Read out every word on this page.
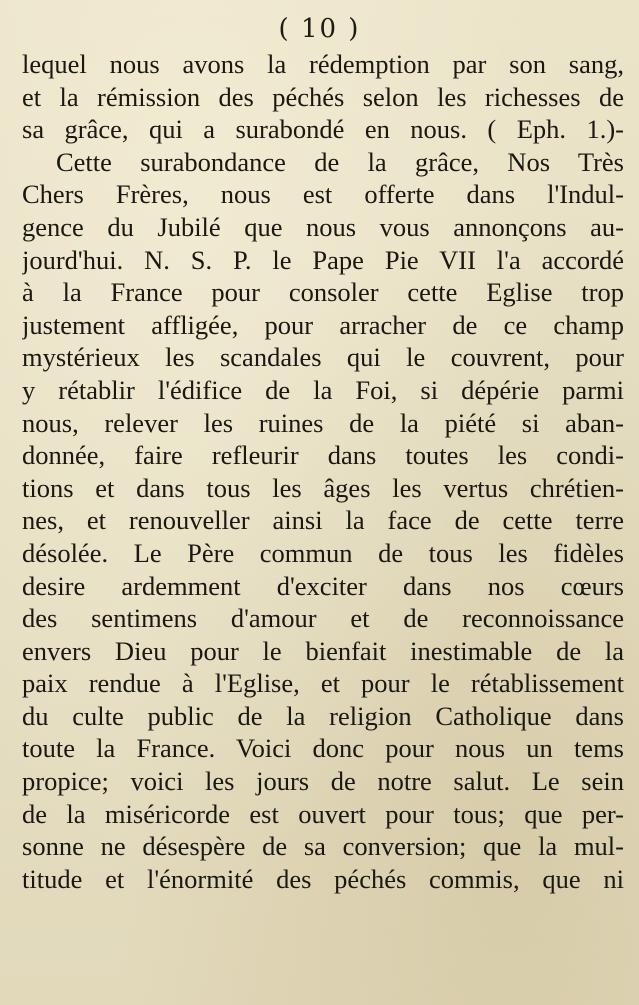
( 10 )
lequel nous avons la rédemption par son sang,
et la rémission des péchés selon les richesses de
sa grâce, qui a surabondé en nous. ( Eph. 1.)-
Cette surabondance de la grâce, Nos Très
Chers Frères, nous est offerte dans l'Indul-
gence du Jubilé que nous vous annonçons au-
jourd'hui. N. S. P. le Pape Pie VII l'a accordé
à la France pour consoler cette Eglise trop
justement affligée, pour arracher de ce champ
mystérieux les scandales qui le couvrent, pour
y rétablir l'édifice de la Foi, si dépérie parmi
nous, relever les ruines de la piété si aban-
donnée, faire refleurir dans toutes les condi-
tions et dans tous les âges les vertus chrétien-
nes, et renouveller ainsi la face de cette terre
désolée. Le Père commun de tous les fidèles
desire ardemment d'exciter dans nos cœurs
des sentimens d'amour et de reconnoissance
envers Dieu pour le bienfait inestimable de la
paix rendue à l'Eglise, et pour le rétablissement
du culte public de la religion Catholique dans
toute la France. Voici donc pour nous un tems
propice; voici les jours de notre salut. Le sein
de la miséricorde est ouvert pour tous; que per-
sonne ne désespère de sa conversion; que la mul-
titude et l'énormité des péchés commis, que ni
